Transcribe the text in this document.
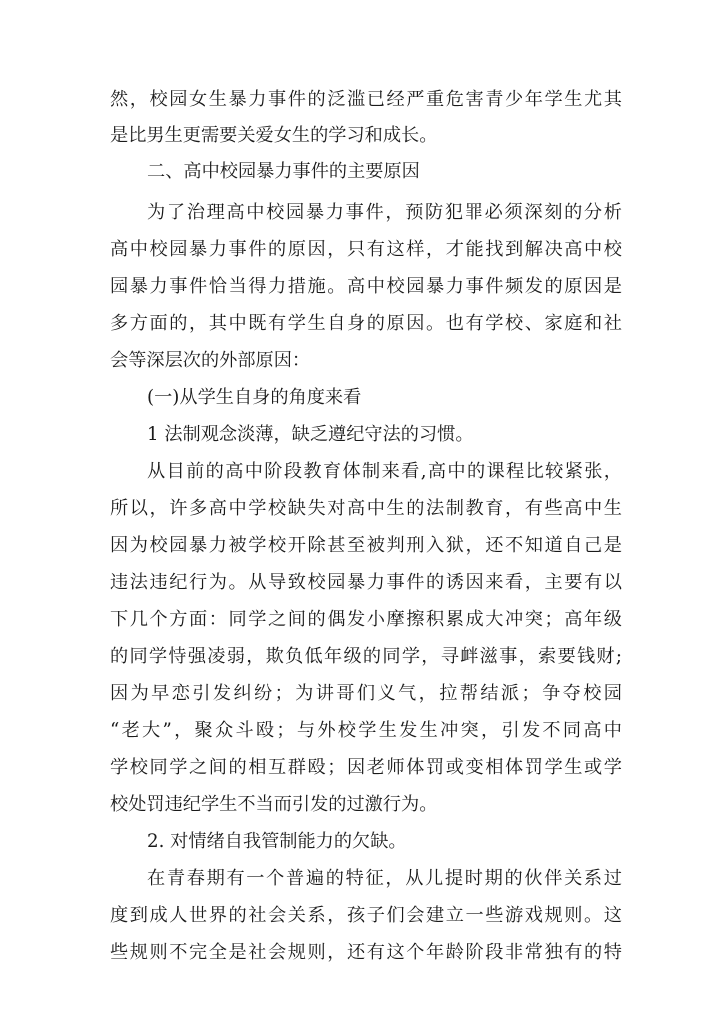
然，校园女生暴力事件的泛滥已经严重危害青少年学生尤其
是比男生更需要关爱女生的学习和成长。
二、高中校园暴力事件的主要原因
为了治理高中校园暴力事件，预防犯罪必须深刻的分析
高中校园暴力事件的原因，只有这样，才能找到解决高中校
园暴力事件恰当得力措施。高中校园暴力事件频发的原因是
多方面的，其中既有学生自身的原因。也有学校、家庭和社
会等深层次的外部原因：
(一)从学生自身的角度来看
1 法制观念淡薄，缺乏遵纪守法的习惯。
从目前的高中阶段教育体制来看,高中的课程比较紧张，
所以，许多高中学校缺失对高中生的法制教育，有些高中生
因为校园暴力被学校开除甚至被判刑入狱，还不知道自己是
违法违纪行为。从导致校园暴力事件的诱因来看，主要有以
下几个方面：同学之间的偶发小摩擦积累成大冲突；高年级
的同学恃强凌弱，欺负低年级的同学，寻衅滋事，索要钱财;
因为早恋引发纠纷；为讲哥们义气，拉帮结派；争夺校园
“老大”，聚众斗殴；与外校学生发生冲突，引发不同高中
学校同学之间的相互群殴；因老师体罚或变相体罚学生或学
校处罚违纪学生不当而引发的过激行为。
2. 对情绪自我管制能力的欠缺。
在青春期有一个普遍的特征，从儿提时期的伙伴关系过
度到成人世界的社会关系，孩子们会建立一些游戏规则。这
些规则不完全是社会规则，还有这个年龄阶段非常独有的特
